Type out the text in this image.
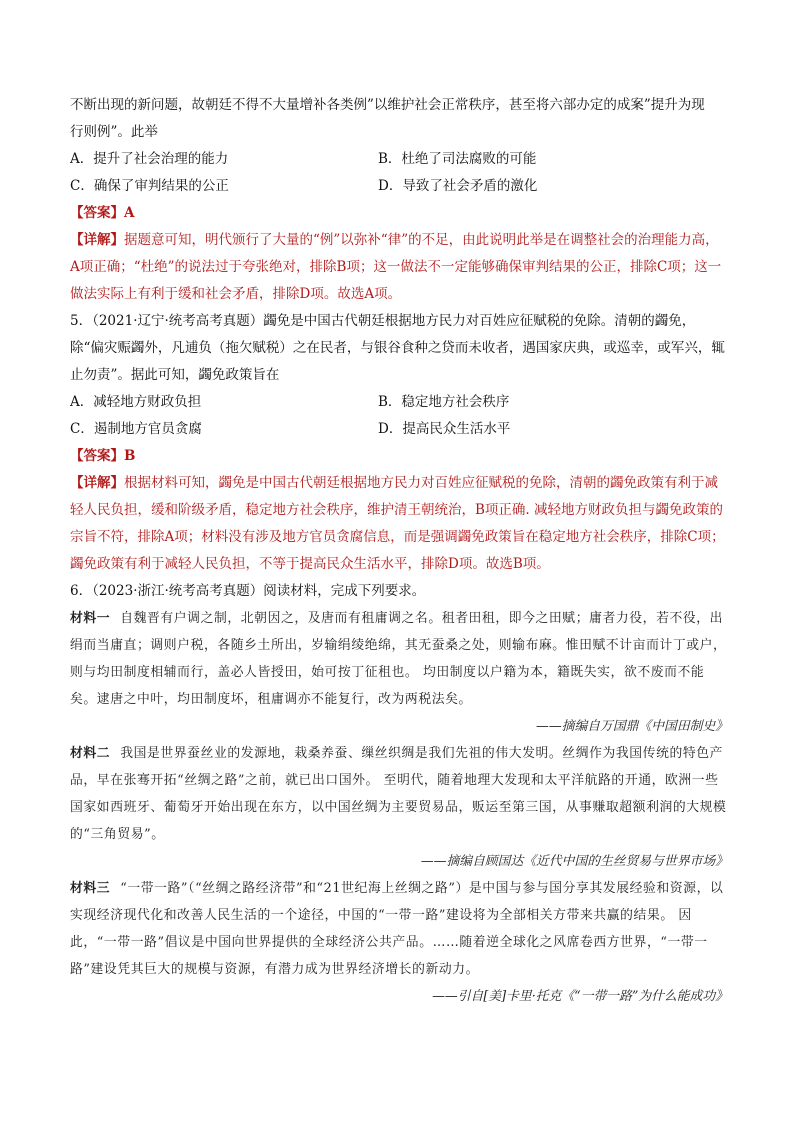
不断出现的新问题，故朝廷不得不大量增补各类例”以维护社会正常秩序，甚至将六部办定的成案”提升为现
行则例”。此举
A．提升了社会治理的能力	B．杜绝了司法腐败的可能
C．确保了审判结果的公正	D．导致了社会矛盾的激化
【答案】A
【详解】据题意可知，明代颁行了大量的“例”以弥补“律”的不足，由此说明此举是在调整社会的治理能力高，A项正确；“杜绝”的说法过于夸张绝对，排除B项；这一做法不一定能够确保审判结果的公正，排除C项；这一做法实际上有利于缓和社会矛盾，排除D项。故选A项。
5．（2021·辽宁·统考高考真题）蠲免是中国古代朝廷根据地方民力对百姓应征赋税的免除。清朝的蠲免，除“偏灾赈蠲外，凡逋负（拖欠赋税）之在民者，与银谷食种之贷而未收者，遇国家庆典，或巡幸，或军兴，辄止勿责”。据此可知，蠲免政策旨在
A．减轻地方财政负担	B．稳定地方社会秩序
C．遏制地方官员贪腐	D．提高民众生活水平
【答案】B
【详解】根据材料可知，蠲免是中国古代朝廷根据地方民力对百姓应征赋税的免除，清朝的蠲免政策有利于减轻人民负担，缓和阶级矛盾，稳定地方社会秩序，维护清王朝统治，B项正确. 减轻地方财政负担与蠲免政策的宗旨不符，排除A项；材料没有涉及地方官员贪腐信息，而是强调蠲免政策旨在稳定地方社会秩序，排除C项；蠲免政策有利于减轻人民负担，不等于提高民众生活水平，排除D项。故选B项。
6．（2023·浙江·统考高考真题）阅读材料，完成下列要求。
材料一 自魏晋有户调之制，北朝因之，及唐而有租庸调之名。租者田租，即今之田赋；庸者力役，若不役，出绢而当庸直；调则户税，各随乡土所出，岁输绢绫绝绵，其无蚕桑之处，则输布麻。惟田赋不计亩而计丁或户，则与均田制度相辅而行，盖必人皆授田，始可按丁征租也。 均田制度以户籍为本，籍既失实，欲不废而不能矣。逮唐之中叶，均田制度坏，租庸调亦不能复行，改为两税法矣。
——摘编自万国鼎《中国田制史》
材料二 我国是世界蚕丝业的发源地，栽桑养蚕、缫丝织绸是我们先祖的伟大发明。丝绸作为我国传统的特色产品，早在张骞开拓“丝绸之路”之前，就已出口国外。 至明代，随着地理大发现和太平洋航路的开通，欧洲一些国家如西班牙、葡萄牙开始出现在东方，以中国丝绸为主要贸易品，贩运至第三国，从事赚取超额利润的大规模的“三角贸易”。
——摘编自顾国达《近代中国的生丝贸易与世界市场》
材料三 “一带一路”（“丝绸之路经济带”和“21世纪海上丝绸之路”）是中国与参与国分享其发展经验和资源，以实现经济现代化和改善人民生活的一个途径，中国的“一带一路”建设将为全部相关方带来共赢的结果。 因此，“一带一路”倡议是中国向世界提供的全球经济公共产品。……随着逆全球化之风席卷西方世界，“一带一路”建设凭其巨大的规模与资源，有潜力成为世界经济增长的新动力。
——引自[美]卡里·托克《“一带一路”为什么能成功》
